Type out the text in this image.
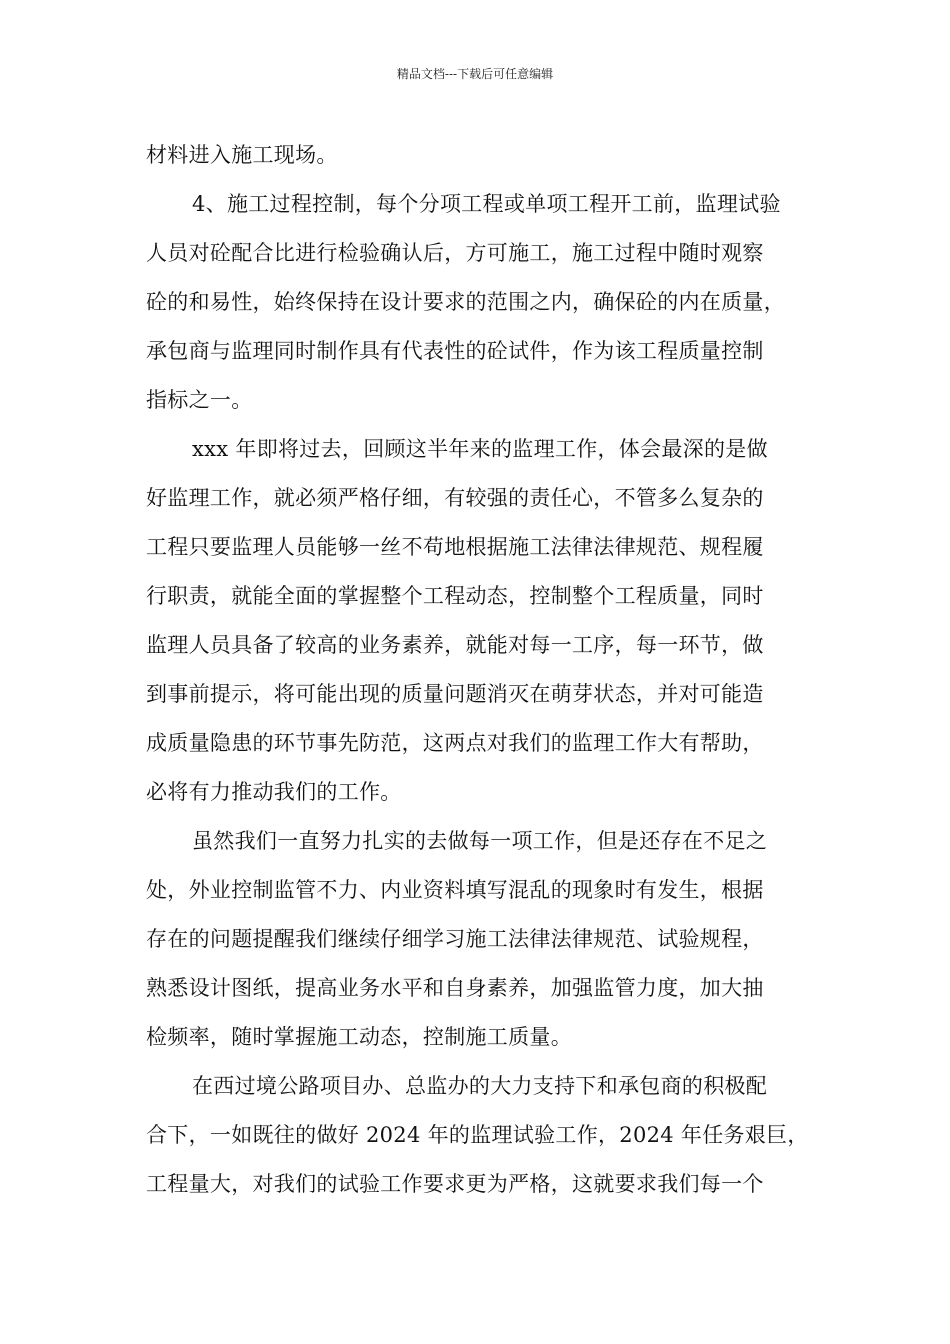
精品文档---下载后可任意编辑
材料进入施工现场。
4、施工过程控制，每个分项工程或单项工程开工前，监理试验
人员对砼配合比进行检验确认后，方可施工，施工过程中随时观察
砼的和易性，始终保持在设计要求的范围之内，确保砼的内在质量，
承包商与监理同时制作具有代表性的砼试件，作为该工程质量控制
指标之一。
xxx 年即将过去，回顾这半年来的监理工作，体会最深的是做
好监理工作，就必须严格仔细，有较强的责任心，不管多么复杂的
工程只要监理人员能够一丝不苟地根据施工法律法律规范、规程履
行职责，就能全面的掌握整个工程动态，控制整个工程质量，同时
监理人员具备了较高的业务素养，就能对每一工序，每一环节，做
到事前提示，将可能出现的质量问题消灭在萌芽状态，并对可能造
成质量隐患的环节事先防范，这两点对我们的监理工作大有帮助，
必将有力推动我们的工作。
虽然我们一直努力扎实的去做每一项工作，但是还存在不足之
处，外业控制监管不力、内业资料填写混乱的现象时有发生，根据
存在的问题提醒我们继续仔细学习施工法律法律规范、试验规程，
熟悉设计图纸，提高业务水平和自身素养，加强监管力度，加大抽
检频率，随时掌握施工动态，控制施工质量。
在西过境公路项目办、总监办的大力支持下和承包商的积极配
合下，一如既往的做好 2024 年的监理试验工作，2024 年任务艰巨，
工程量大，对我们的试验工作要求更为严格，这就要求我们每一个
